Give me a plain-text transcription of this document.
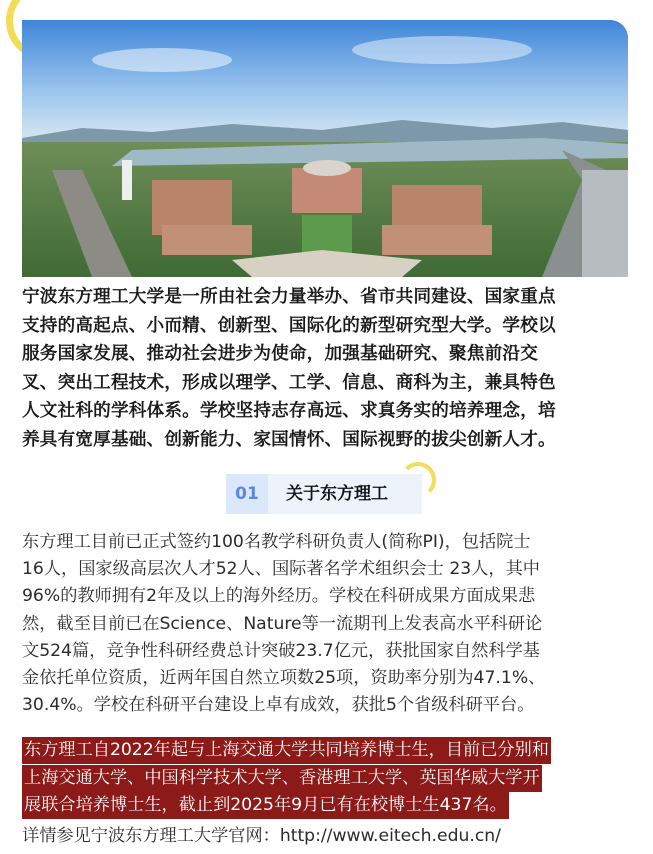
宁波东方理工大学是一所由社会力量举办、省市共同建设、国家重点
支持的高起点、小而精、创新型、国际化的新型研究型大学。学校以
服务国家发展、推动社会进步为使命，加强基础研究、聚焦前沿交
叉、突出工程技术，形成以理学、工学、信息、商科为主，兼具特色
人文社科的学科体系。学校坚持志存高远、求真务实的培养理念，培
养具有宽厚基础、创新能力、家国情怀、国际视野的拔尖创新人才。
01	关于东方理工
东方理工目前已正式签约100名教学科研负责人(简称PI)，包括院士
16人，国家级高层次人才52人、国际著名学术组织会士 23人，其中
96%的教师拥有2年及以上的海外经历。学校在科研成果方面成果悲
然，截至目前已在Science、Nature等一流期刊上发表高水平科研论
文524篇，竞争性科研经费总计突破23.7亿元，获批国家自然科学基
金依托单位资质，近两年国自然立项数25项，资助率分别为47.1%、
30.4%。学校在科研平台建设上卓有成效，获批5个省级科研平台。
东方理工自2022年起与上海交通大学共同培养博士生，目前已分别和
上海交通大学、中国科学技术大学、香港理工大学、英国华威大学开
展联合培养博士生，截止到2025年9月已有在校博士生437名。
详情参见宁波东方理工大学官网：http://www.eitech.edu.cn/
